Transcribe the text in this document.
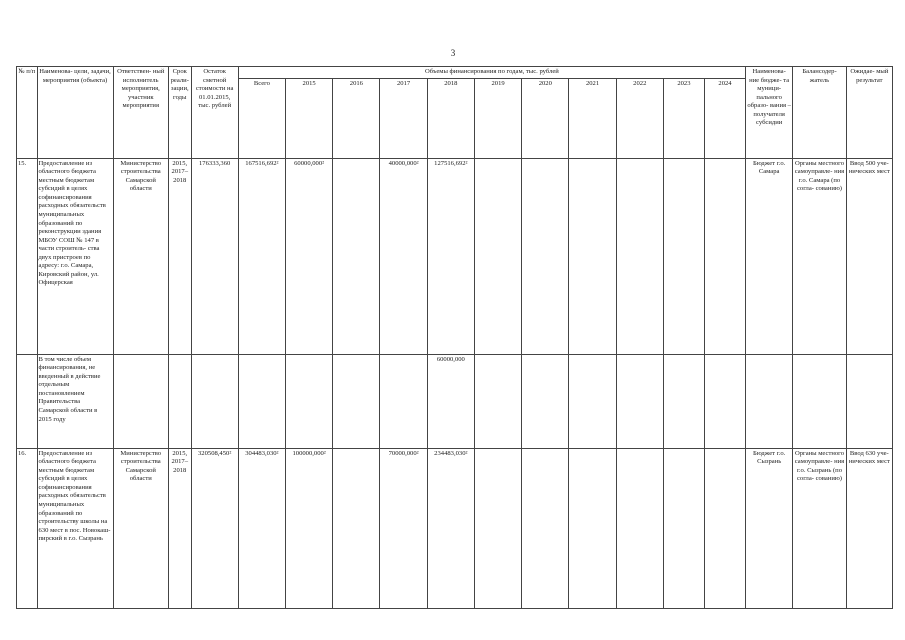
3
№ п/п	Наименова- цели, задачи, мероприятия (объекта)	Ответствен- ный исполнитель мероприятия, участник мероприятия	Срок реали- зации, годы	Остаток сметной стоимости на 01.01.2015, тыс. рублей	Объемы финансирования по годам, тыс. рублей											Наименова- ние бюдже- та муници- пального образо- вания – получателя субсидии	Балансодер- жатель	Ожидае- мый результат
					Всего	2015	2016	2017	2018	2019	2020	2021	2022	2023	2024			
15.	Предоставление из областного бюджета местным бюджетам субсидий в целях софинансирования расходных обязательств муниципальных образований по реконструкции здания МБОУ СОШ № 147 в части строитель- ства двух пристроев по адресу: г.о. Самара, Кировский район, ул. Офицерская	Министерство строительства Самарской области	2015, 2017– 2018	176333,360	167516,692²	60000,000²		40000,000²	127516,692²							Бюджет г.о. Самара	Органы местного самоуправле- ния г.о. Самара (по согла- сованию)	Ввод 500 уче- нических мест
	В том числе объем финансирования, не введенный в действие отдельным постановлением Правительства Самарской области в 2015 году								60000,000									
16.	Предоставление из областного бюджета местным бюджетам субсидий в целях софинансирования расходных обязательств муниципальных образований по строительству школы на 630 мест в пос. Новокаш- пирский в г.о. Сызрань	Министерство строительства Самарской области	2015, 2017– 2018	320508,450²	304483,030²	100000,000²		70000,000²	234483,030²							Бюджет г.о. Сызрань	Органы местного самоуправле- ния г.о. Сызрань (по согла- сованию)	Ввод 630 уче- нических мест
